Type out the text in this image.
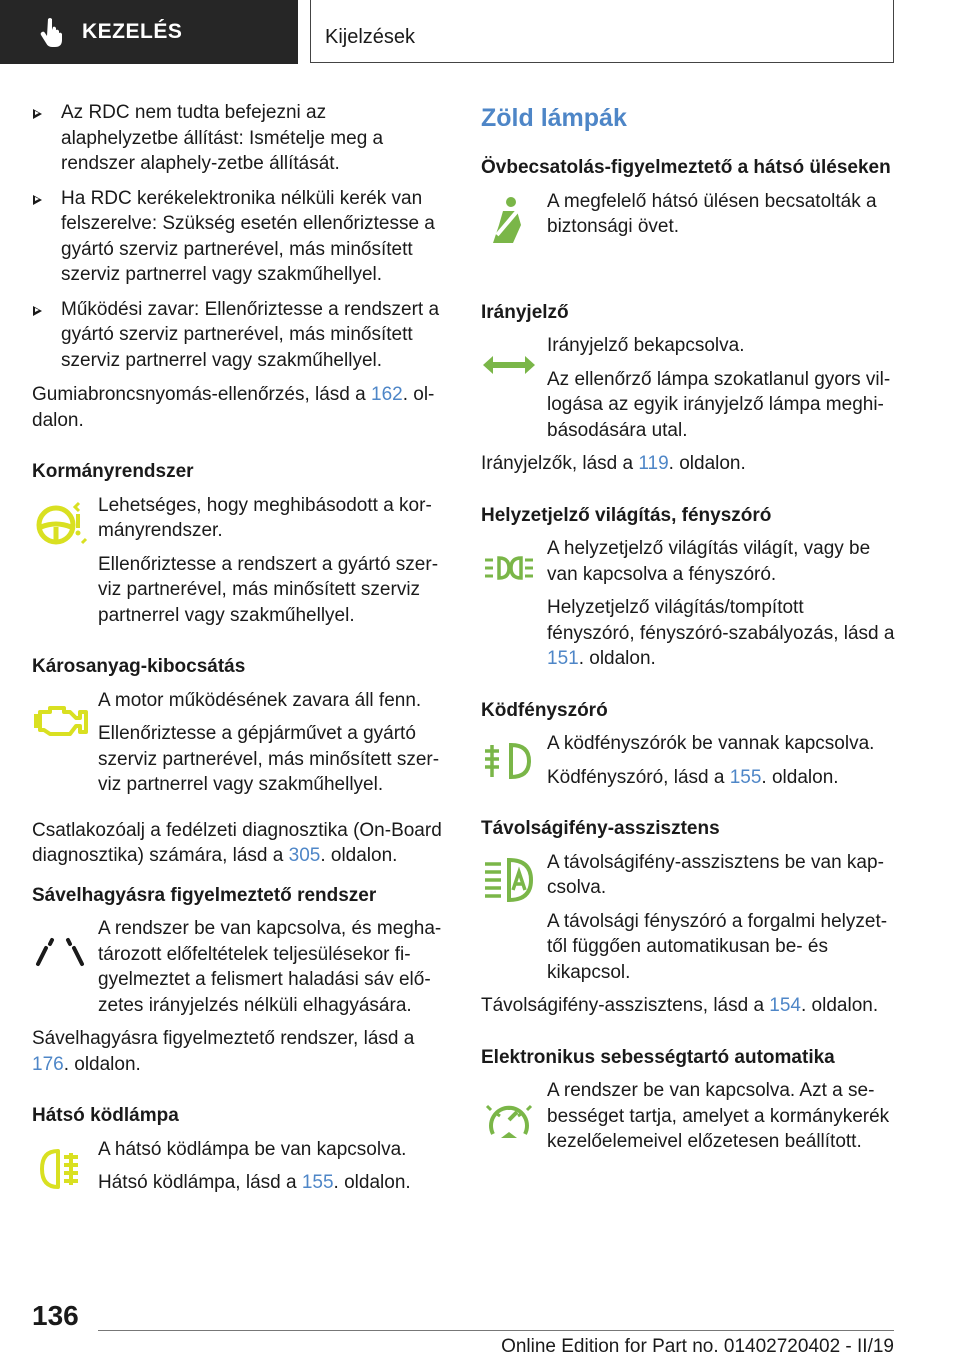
KEZELÉS	Kijelzések
Az RDC nem tudta befejezni az alaphelyzetbe állítást: Ismételje meg a rendszer alaphely-zetbe állítását.
Ha RDC kerékelektronika nélküli kerék van felszerelve: Szükség esetén ellenőriztesse a gyártó szerviz partnerével, más minősített szerviz partnerrel vagy szakműhellyel.
Működési zavar: Ellenőriztesse a rendszert a gyártó szerviz partnerével, más minősített szerviz partnerrel vagy szakműhellyel.

Gumiabroncsnyomás-ellenőrzés, lásd a 162. ol-dalon.

Kormányrendszer

Lehetséges, hogy meghibásodott a kor-mányrendszer.

Ellenőriztesse a rendszert a gyártó szer-viz partnerével, más minősített szerviz partnerrel vagy szakműhellyel.

Károsanyag-kibocsátás

A motor működésének zavara áll fenn.

Ellenőriztesse a gépjárművet a gyártó szerviz partnerével, más minősített szer-viz partnerrel vagy szakműhellyel.

Csatlakozóalj a fedélzeti diagnosztika (On-Board diagnosztika) számára, lásd a 305. oldalon.

Sávelhagyásra figyelmeztető rendszer

A rendszer be van kapcsolva, és megha-tározott előfeltételek teljesülésekor fi-gyelmeztet a felismert haladási sáv elő-zetes irányjelzés nélküli elhagyására.

Sávelhagyásra figyelmeztető rendszer, lásd a 176. oldalon.

Hátsó ködlámpa

A hátsó ködlámpa be van kapcsolva.

Hátsó ködlámpa, lásd a 155. oldalon.

Zöld lámpák
Övbecsatolás-figyelmeztető a hátsó üléseken

A megfelelő hátsó ülésen becsatolták a biztonsági övet.

Irányjelző

Irányjelző bekapcsolva.

Az ellenőrző lámpa szokatlanul gyors vil-logása az egyik irányjelző lámpa meghi-básodására utal.

Irányjelzők, lásd a 119. oldalon.

Helyzetjelző világítás, fényszóró

A helyzetjelző világítás világít, vagy be van kapcsolva a fényszóró.

Helyzetjelző világítás/tompított fényszóró, fényszóró-szabályozás, lásd a 151. oldalon.

Ködfényszóró

A ködfényszórók be vannak kapcsolva.

Ködfényszóró, lásd a 155. oldalon.

Távolságifény-asszisztens

A távolságifény-asszisztens be van kap-csolva.

A távolsági fényszóró a forgalmi helyzet-től függően automatikusan be- és kikapcsol.

Távolságifény-asszisztens, lásd a 154. oldalon.

Elektronikus sebességtartó automatika

A rendszer be van kapcsolva. Azt a se-bességet tartja, amelyet a kormánykerék kezelőelemeivel előzetesen beállított.

136
Online Edition for Part no. 01402720402 - II/19
